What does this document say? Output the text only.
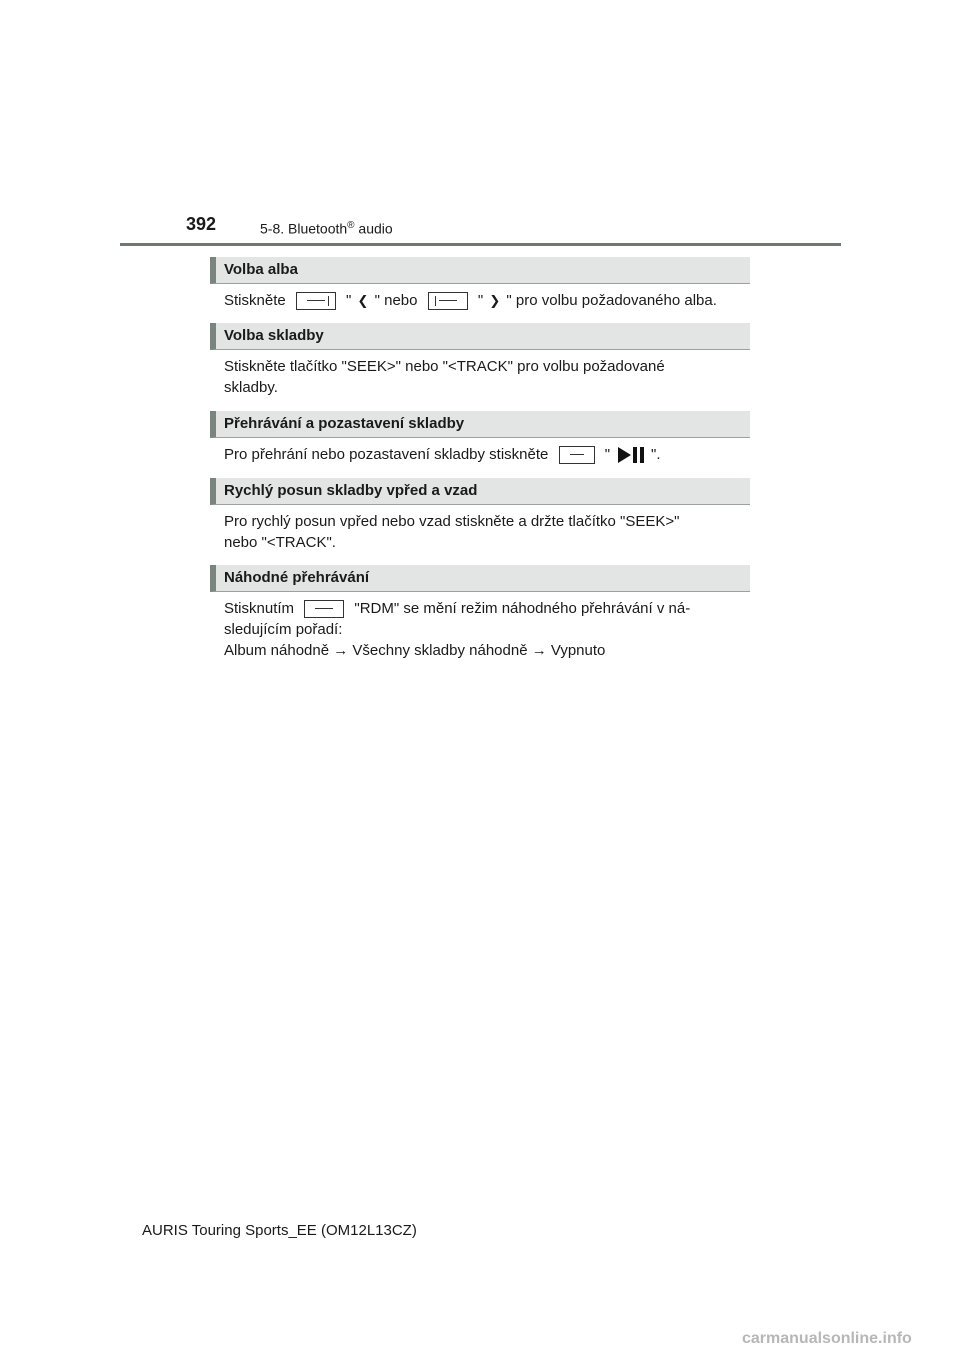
392	5-8. Bluetooth® audio
Volba alba
Stiskněte	" ❮ " nebo	" ❯ " pro volbu požadovaného alba.
Volba skladby
Stiskněte tlačítko "SEEK>" nebo "<TRACK" pro volbu požadované
skladby.
Přehrávání a pozastavení skladby
Pro přehrání nebo pozastavení skladby stiskněte	"	".
Rychlý posun skladby vpřed a vzad
Pro rychlý posun vpřed nebo vzad stiskněte a držte tlačítko "SEEK>"
nebo "<TRACK".
Náhodné přehrávání
Stisknutím	"RDM" se mění režim náhodného přehrávání v ná-
sledujícím pořadí:
Album náhodně → Všechny skladby náhodně → Vypnuto
AURIS Touring Sports_EE (OM12L13CZ)
carmanualsonline.info
